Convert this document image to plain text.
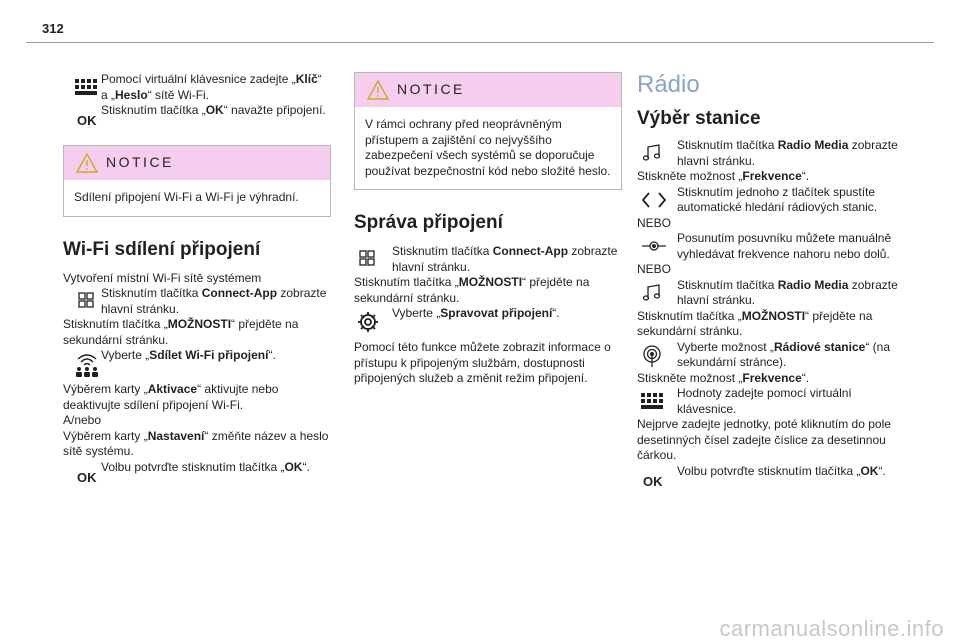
312
Pomocí virtuální klávesnice zadejte „Klíč“ a „Heslo“ sítě Wi-Fi.
OK
Stisknutím tlačítka „OK“ navažte připojení.
NOTICE
Sdílení připojení Wi-Fi a Wi-Fi je výhradní.
Wi-Fi sdílení připojení

Vytvoření místní Wi-Fi sítě systémem

Stisknutím tlačítka Connect-App zobrazte hlavní stránku.

Stisknutím tlačítka „MOŽNOSTI“ přejděte na sekundární stránku.

Vyberte „Sdílet Wi-Fi připojení“.

Výběrem karty „Aktivace“ aktivujte nebo deaktivujte sdílení připojení Wi-Fi.

A/nebo

Výběrem karty „Nastavení“ změňte název a heslo sítě systému.

OK
Volbu potvrďte stisknutím tlačítka „OK“.
NOTICE
V rámci ochrany před neoprávněným přístupem a zajištění co nejvyššího zabezpečení všech systémů se doporučuje používat bezpečnostní kód nebo složité heslo.
Správa připojení
Stisknutím tlačítka Connect-App zobrazte hlavní stránku.

Stisknutím tlačítka „MOŽNOSTI“ přejděte na sekundární stránku.

Vyberte „Spravovat připojení“.

Pomocí této funkce můžete zobrazit informace o přístupu k připojeným službám, dostupnosti připojených služeb a změnit režim připojení.

Rádio
Výběr stanice
Stisknutím tlačítka Radio Media zobrazte hlavní stránku.

Stiskněte možnost „Frekvence“.

Stisknutím jednoho z tlačítek spustíte automatické hledání rádiových stanic.

NEBO

Posunutím posuvníku můžete manuálně vyhledávat frekvence nahoru nebo dolů.

NEBO

Stisknutím tlačítka Radio Media zobrazte hlavní stránku.

Stisknutím tlačítka „MOŽNOSTI“ přejděte na sekundární stránku.

Vyberte možnost „Rádiové stanice“ (na sekundární stránce).

Stiskněte možnost „Frekvence“.

Hodnoty zadejte pomocí virtuální klávesnice.

Nejprve zadejte jednotky, poté kliknutím do pole desetinných čísel zadejte číslice za desetinnou čárkou.

OK
Volbu potvrďte stisknutím tlačítka „OK“.
carmanualsonline.info
